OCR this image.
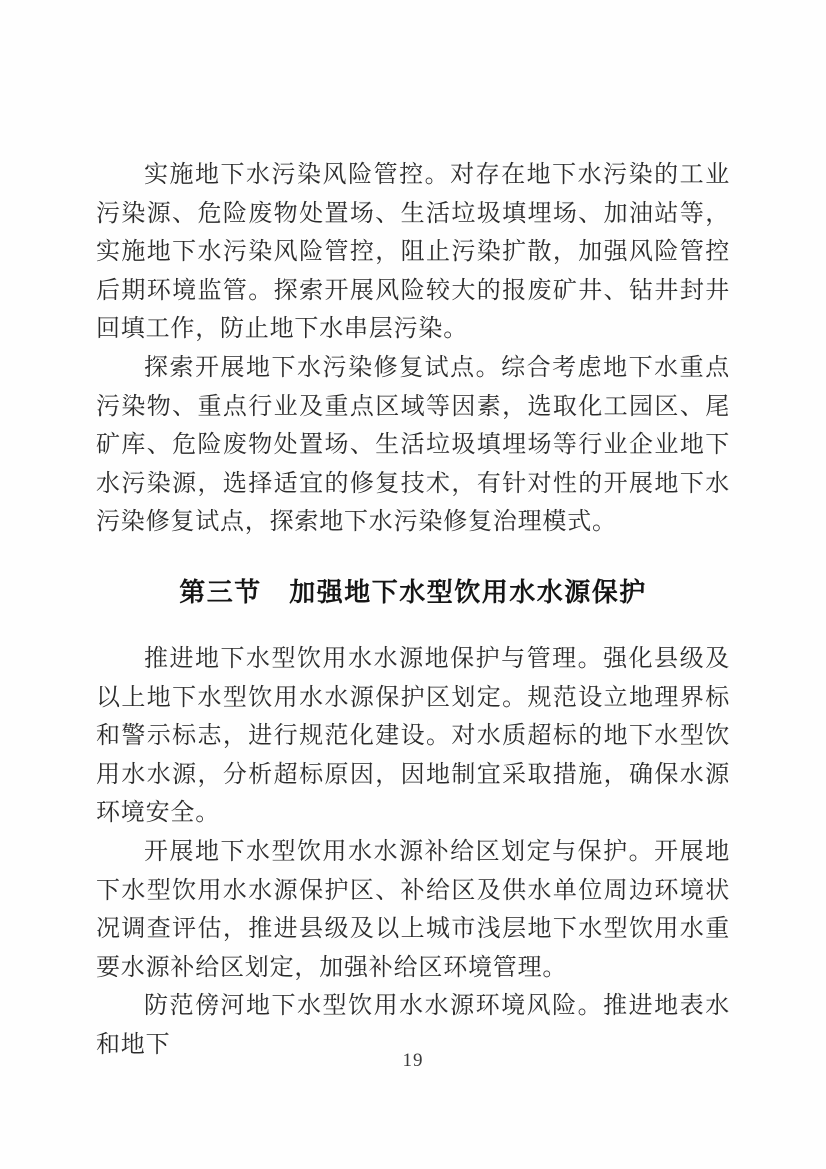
实施地下水污染风险管控。对存在地下水污染的工业污染源、危险废物处置场、生活垃圾填埋场、加油站等，实施地下水污染风险管控，阻止污染扩散，加强风险管控后期环境监管。探索开展风险较大的报废矿井、钻井封井回填工作，防止地下水串层污染。

探索开展地下水污染修复试点。综合考虑地下水重点污染物、重点行业及重点区域等因素，选取化工园区、尾矿库、危险废物处置场、生活垃圾填埋场等行业企业地下水污染源，选择适宜的修复技术，有针对性的开展地下水污染修复试点，探索地下水污染修复治理模式。

第三节　加强地下水型饮用水水源保护

推进地下水型饮用水水源地保护与管理。强化县级及以上地下水型饮用水水源保护区划定。规范设立地理界标和警示标志，进行规范化建设。对水质超标的地下水型饮用水水源，分析超标原因，因地制宜采取措施，确保水源环境安全。

开展地下水型饮用水水源补给区划定与保护。开展地下水型饮用水水源保护区、补给区及供水单位周边环境状况调查评估，推进县级及以上城市浅层地下水型饮用水重要水源补给区划定，加强补给区环境管理。

防范傍河地下水型饮用水水源环境风险。推进地表水和地下

19
